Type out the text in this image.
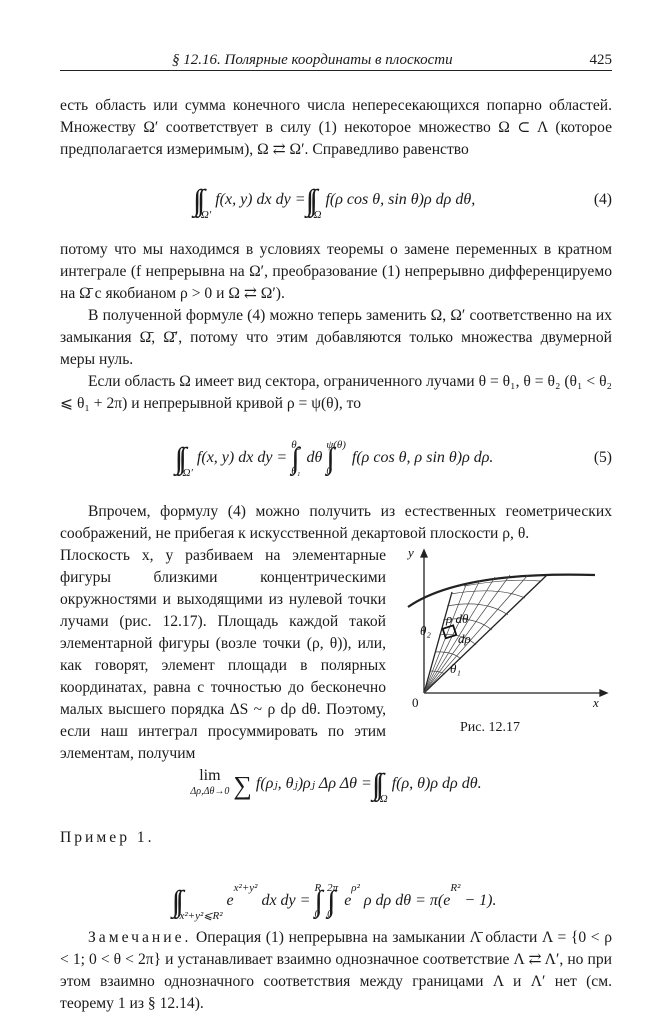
§ 12.16. Полярные координаты в плоскости	425

есть область или сумма конечного числа непересекающихся попарно областей. Множеству Ω′ соответствует в силу (1) некоторое множество Ω ⊂ Λ (которое предполагается измеримым), Ω ⇄ Ω′. Справедливо равенство

$_{\Omega'}$ f(x, y) dx dy = $_\Omega$ f(ρ cos θ, sin θ)ρ dρ dθ,	(4)

потому что мы находимся в условиях теоремы о замене переменных в кратном интеграле (f непрерывна на Ω′, преобразование (1) непрерывно дифференцируемо на Ω̄ с якобианом ρ > 0 и Ω ⇄ Ω′).

В полученной формуле (4) можно теперь заменить Ω, Ω′ соответственно на их замыкания Ω̄, Ω̄′, потому что этим добавляются только множества двумерной меры нуль.

Если область Ω имеет вид сектора, ограниченного лучами θ = θ₁, θ = θ₂ (θ₁ < θ₂ ⩽ θ₁ + 2π) и непрерывной кривой ρ = ψ(θ), то

$_{\Omega'}$ f(x, y) dx dy = θ₂

θ₁ dθ ψ(θ)

0 f(ρ cos θ, ρ sin θ)ρ dρ.	(5)

Впрочем, формулу (4) можно получить из естественных геометрических соображений, не прибегая к искусственной декартовой плоскости ρ, θ.

Плоскость x, y разбиваем на элементарные фигуры близкими концентрическими окружностями и выходящими из нулевой точки лучами (рис. 12.17). Площадь каждой такой элементарной фигуры (возле точки (ρ, θ)), или, как говорят, элемент площади в полярных координатах, равна с точностью до бесконечно малых высшего порядка ΔS ~ ρ dρ dθ. Поэтому, если наш интеграл просуммировать по этим элементам, получим

y
x
0
θ₁
θ₂
ρ dθ
dρ
Рис. 12.17
lim
Δρ,Δθ→0 ∑ f(ρⱼ, θⱼ)ρⱼ Δρ Δθ = $_\Omega$ f(ρ, θ)ρ dρ dθ.

Пример 1.

$_{x^2+y^2⩽R^2}$ $e^{x^2+y^2}$ dx dy = R

0 2π

0 $e^{\rho^2}$ ρ dρ $d\theta = \pi(e^{R^2} - 1)$.

Замечание. Операция (1) непрерывна на замыкании Λ̄ области Λ = {0 < ρ < 1; 0 < θ < 2π} и устанавливает взаимно однозначное соответствие Λ ⇄ Λ′, но при этом взаимно однозначного соответствия между границами Λ и Λ′ нет (см. теорему 1 из § 12.14).
